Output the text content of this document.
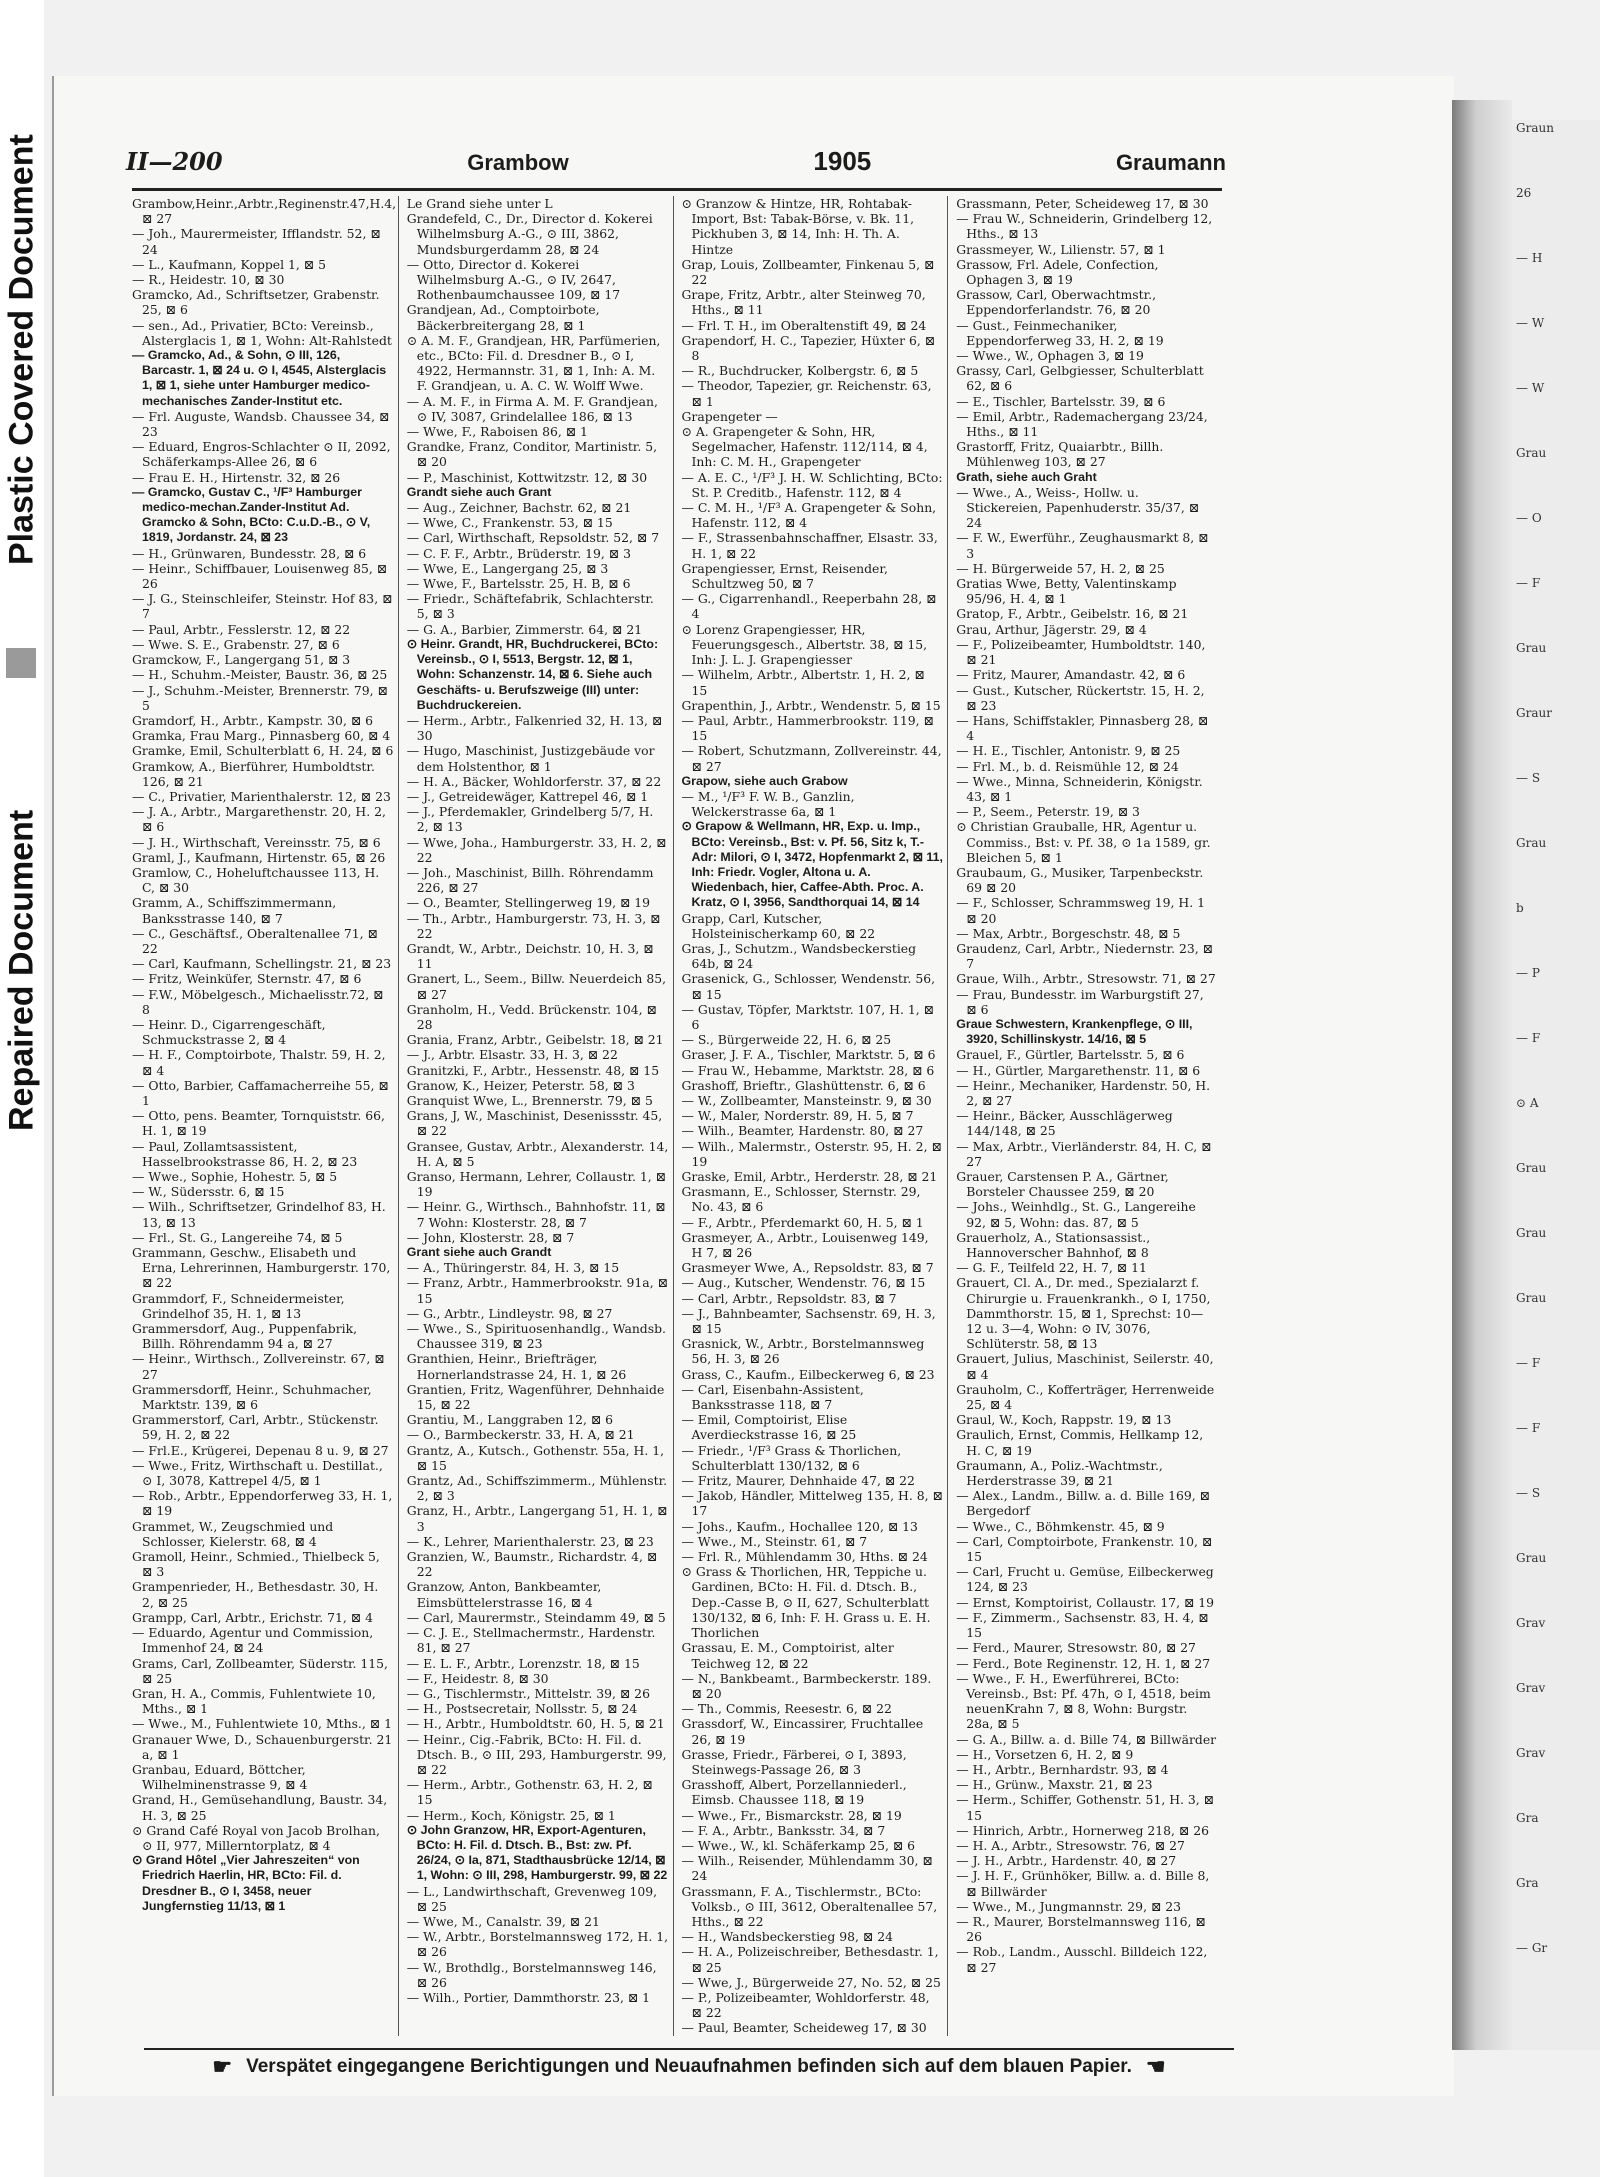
Plastic Covered Document
Repaired Document
II—200	Grambow	1905	Graumann

Grambow,Heinr.,Arbtr.,Reginenstr.47,H.4, ⊠ 27

— Joh., Maurermeister, Ifflandstr. 52, ⊠ 24

— L., Kaufmann, Koppel 1, ⊠ 5

— R., Heidestr. 10, ⊠ 30

Gramcko, Ad., Schriftsetzer, Grabenstr. 25, ⊠ 6

— sen., Ad., Privatier, BCto: Vereinsb., Alsterglacis 1, ⊠ 1, Wohn: Alt-Rahlstedt

— Gramcko, Ad., & Sohn, ⊙ III, 126, Barcastr. 1, ⊠ 24 u. ⊙ I, 4545, Alsterglacis 1, ⊠ 1, siehe unter Hamburger medico-mechanisches Zander-Institut etc.

— Frl. Auguste, Wandsb. Chaussee 34, ⊠ 23

— Eduard, Engros-Schlachter ⊙ II, 2092, Schäferkamps-Allee 26, ⊠ 6

— Frau E. H., Hirtenstr. 32, ⊠ 26

— Gramcko, Gustav C., ¹/F³ Hamburger medico-mechan.Zander-Institut Ad. Gramcko & Sohn, BCto: C.u.D.-B., ⊙ V, 1819, Jordanstr. 24, ⊠ 23

— H., Grünwaren, Bundesstr. 28, ⊠ 6

— Heinr., Schiffbauer, Louisenweg 85, ⊠ 26

— J. G., Steinschleifer, Steinstr. Hof 83, ⊠ 7

— Paul, Arbtr., Fesslerstr. 12, ⊠ 22

— Wwe. S. E., Grabenstr. 27, ⊠ 6

Gramckow, F., Langergang 51, ⊠ 3

— H., Schuhm.-Meister, Baustr. 36, ⊠ 25

— J., Schuhm.-Meister, Brennerstr. 79, ⊠ 5

Gramdorf, H., Arbtr., Kampstr. 30, ⊠ 6

Gramka, Frau Marg., Pinnasberg 60, ⊠ 4

Gramke, Emil, Schulterblatt 6, H. 24, ⊠ 6

Gramkow, A., Bierführer, Humboldtstr. 126, ⊠ 21

— C., Privatier, Marienthalerstr. 12, ⊠ 23

— J. A., Arbtr., Margarethenstr. 20, H. 2, ⊠ 6

— J. H., Wirthschaft, Vereinsstr. 75, ⊠ 6

Graml, J., Kaufmann, Hirtenstr. 65, ⊠ 26

Gramlow, C., Hoheluftchaussee 113, H. C, ⊠ 30

Gramm, A., Schiffszimmermann, Banksstrasse 140, ⊠ 7

— C., Geschäftsf., Oberaltenallee 71, ⊠ 22

— Carl, Kaufmann, Schellingstr. 21, ⊠ 23

— Fritz, Weinküfer, Sternstr. 47, ⊠ 6

— F.W., Möbelgesch., Michaelisstr.72, ⊠ 8

— Heinr. D., Cigarrengeschäft, Schmuckstrasse 2, ⊠ 4

— H. F., Comptoirbote, Thalstr. 59, H. 2, ⊠ 4

— Otto, Barbier, Caffamacherreihe 55, ⊠ 1

— Otto, pens. Beamter, Tornquiststr. 66, H. 1, ⊠ 19

— Paul, Zollamtsassistent, Hasselbrookstrasse 86, H. 2, ⊠ 23

— Wwe., Sophie, Hohestr. 5, ⊠ 5

— W., Südersstr. 6, ⊠ 15

— Wilh., Schriftsetzer, Grindelhof 83, H. 13, ⊠ 13

— Frl., St. G., Langereihe 74, ⊠ 5

Grammann, Geschw., Elisabeth und Erna, Lehrerinnen, Hamburgerstr. 170, ⊠ 22

Grammdorf, F., Schneidermeister, Grindelhof 35, H. 1, ⊠ 13

Grammersdorf, Aug., Puppenfabrik, Billh. Röhrendamm 94 a, ⊠ 27

— Heinr., Wirthsch., Zollvereinstr. 67, ⊠ 27

Grammersdorff, Heinr., Schuhmacher, Marktstr. 139, ⊠ 6

Grammerstorf, Carl, Arbtr., Stückenstr. 59, H. 2, ⊠ 22

— Frl.E., Krügerei, Depenau 8 u. 9, ⊠ 27

— Wwe., Fritz, Wirthschaft u. Destillat., ⊙ I, 3078, Kattrepel 4/5, ⊠ 1

— Rob., Arbtr., Eppendorferweg 33, H. 1, ⊠ 19

Grammet, W., Zeugschmied und Schlosser, Kielerstr. 68, ⊠ 4

Gramoll, Heinr., Schmied., Thielbeck 5, ⊠ 3

Grampenrieder, H., Bethesdastr. 30, H. 2, ⊠ 25

Grampp, Carl, Arbtr., Erichstr. 71, ⊠ 4

— Eduardo, Agentur und Commission, Immenhof 24, ⊠ 24

Grams, Carl, Zollbeamter, Süderstr. 115, ⊠ 25

Gran, H. A., Commis, Fuhlentwiete 10, Mths., ⊠ 1

— Wwe., M., Fuhlentwiete 10, Mths., ⊠ 1

Granauer Wwe, D., Schauenburgerstr. 21 a, ⊠ 1

Granbau, Eduard, Böttcher, Wilhelminenstrasse 9, ⊠ 4

Grand, H., Gemüsehandlung, Baustr. 34, H. 3, ⊠ 25

⊙ Grand Café Royal von Jacob Brolhan, ⊙ II, 977, Millerntorplatz, ⊠ 4

⊙ Grand Hôtel „Vier Jahreszeiten“ von Friedrich Haerlin, HR, BCto: Fil. d. Dresdner B., ⊙ I, 3458, neuer Jungfernstieg 11/13, ⊠ 1

Le Grand siehe unter L

Grandefeld, C., Dr., Director d. Kokerei Wilhelmsburg A.-G., ⊙ III, 3862, Mundsburgerdamm 28, ⊠ 24

— Otto, Director d. Kokerei Wilhelmsburg A.-G., ⊙ IV, 2647, Rothenbaumchaussee 109, ⊠ 17

Grandjean, Ad., Comptoirbote, Bäckerbreitergang 28, ⊠ 1

⊙ A. M. F., Grandjean, HR, Parfümerien, etc., BCto: Fil. d. Dresdner B., ⊙ I, 4922, Hermannstr. 31, ⊠ 1, Inh: A. M. F. Grandjean, u. A. C. W. Wolff Wwe.

— A. M. F., in Firma A. M. F. Grandjean, ⊙ IV, 3087, Grindelallee 186, ⊠ 13

— Wwe, F., Raboisen 86, ⊠ 1

Grandke, Franz, Conditor, Martinistr. 5, ⊠ 20

— P., Maschinist, Kottwitzstr. 12, ⊠ 30

Grandt siehe auch Grant

— Aug., Zeichner, Bachstr. 62, ⊠ 21

— Wwe, C., Frankenstr. 53, ⊠ 15

— Carl, Wirthschaft, Repsoldstr. 52, ⊠ 7

— C. F. F., Arbtr., Brüderstr. 19, ⊠ 3

— Wwe, E., Langergang 25, ⊠ 3

— Wwe, F., Bartelsstr. 25, H. B, ⊠ 6

— Friedr., Schäftefabrik, Schlachterstr. 5, ⊠ 3

— G. A., Barbier, Zimmerstr. 64, ⊠ 21

⊙ Heinr. Grandt, HR, Buchdruckerei, BCto: Vereinsb., ⊙ I, 5513, Bergstr. 12, ⊠ 1, Wohn: Schanzenstr. 14, ⊠ 6. Siehe auch Geschäfts- u. Berufszweige (III) unter: Buchdruckereien.

— Herm., Arbtr., Falkenried 32, H. 13, ⊠ 30

— Hugo, Maschinist, Justizgebäude vor dem Holstenthor, ⊠ 1

— H. A., Bäcker, Wohldorferstr. 37, ⊠ 22

— J., Getreidewäger, Kattrepel 46, ⊠ 1

— J., Pferdemakler, Grindelberg 5/7, H. 2, ⊠ 13

— Wwe, Joha., Hamburgerstr. 33, H. 2, ⊠ 22

— Joh., Maschinist, Billh. Röhrendamm 226, ⊠ 27

— O., Beamter, Stellingerweg 19, ⊠ 19

— Th., Arbtr., Hamburgerstr. 73, H. 3, ⊠ 22

Grandt, W., Arbtr., Deichstr. 10, H. 3, ⊠ 11

Granert, L., Seem., Billw. Neuerdeich 85, ⊠ 27

Granholm, H., Vedd. Brückenstr. 104, ⊠ 28

Grania, Franz, Arbtr., Geibelstr. 18, ⊠ 21

— J., Arbtr. Elsastr. 33, H. 3, ⊠ 22

Granitzki, F., Arbtr., Hessenstr. 48, ⊠ 15

Granow, K., Heizer, Peterstr. 58, ⊠ 3

Granquist Wwe, L., Brennerstr. 79, ⊠ 5

Grans, J, W., Maschinist, Desenissstr. 45, ⊠ 22

Gransee, Gustav, Arbtr., Alexanderstr. 14, H. A, ⊠ 5

Granso, Hermann, Lehrer, Collaustr. 1, ⊠ 19

— Heinr. G., Wirthsch., Bahnhofstr. 11, ⊠ 7 Wohn: Klosterstr. 28, ⊠ 7

— John, Klosterstr. 28, ⊠ 7

Grant siehe auch Grandt

— A., Thüringerstr. 84, H. 3, ⊠ 15

— Franz, Arbtr., Hammerbrookstr. 91a, ⊠ 15

— G., Arbtr., Lindleystr. 98, ⊠ 27

— Wwe., S., Spirituosenhandlg., Wandsb. Chaussee 319, ⊠ 23

Granthien, Heinr., Briefträger, Hornerlandstrasse 24, H. 1, ⊠ 26

Grantien, Fritz, Wagenführer, Dehnhaide 15, ⊠ 22

Grantiu, M., Langgraben 12, ⊠ 6

— O., Barmbeckerstr. 33, H. A, ⊠ 21

Grantz, A., Kutsch., Gothenstr. 55a, H. 1, ⊠ 15

Grantz, Ad., Schiffszimmerm., Mühlenstr. 2, ⊠ 3

Granz, H., Arbtr., Langergang 51, H. 1, ⊠ 3

— K., Lehrer, Marienthalerstr. 23, ⊠ 23

Granzien, W., Baumstr., Richardstr. 4, ⊠ 22

Granzow, Anton, Bankbeamter, Eimsbüttelerstrasse 16, ⊠ 4

— Carl, Maurermstr., Steindamm 49, ⊠ 5

— C. J. E., Stellmachermstr., Hardenstr. 81, ⊠ 27

— E. L. F., Arbtr., Lorenzstr. 18, ⊠ 15

— F., Heidestr. 8, ⊠ 30

— G., Tischlermstr., Mittelstr. 39, ⊠ 26

— H., Postsecretair, Nollsstr. 5, ⊠ 24

— H., Arbtr., Humboldtstr. 60, H. 5, ⊠ 21

— Heinr., Cig.-Fabrik, BCto: H. Fil. d. Dtsch. B., ⊙ III, 293, Hamburgerstr. 99, ⊠ 22

— Herm., Arbtr., Gothenstr. 63, H. 2, ⊠ 15

— Herm., Koch, Königstr. 25, ⊠ 1

⊙ John Granzow, HR, Export-Agenturen, BCto: H. Fil. d. Dtsch. B., Bst: zw. Pf. 26/24, ⊙ Ia, 871, Stadthausbrücke 12/14, ⊠ 1, Wohn: ⊙ III, 298, Hamburgerstr. 99, ⊠ 22

— L., Landwirthschaft, Grevenweg 109, ⊠ 25

— Wwe, M., Canalstr. 39, ⊠ 21

— W., Arbtr., Borstelmannsweg 172, H. 1, ⊠ 26

— W., Brothdlg., Borstelmannsweg 146, ⊠ 26

— Wilh., Portier, Dammthorstr. 23, ⊠ 1

⊙ Granzow & Hintze, HR, Rohtabak-Import, Bst: Tabak-Börse, v. Bk. 11, Pickhuben 3, ⊠ 14, Inh: H. Th. A. Hintze

Grap, Louis, Zollbeamter, Finkenau 5, ⊠ 22

Grape, Fritz, Arbtr., alter Steinweg 70, Hths., ⊠ 11

— Frl. T. H., im Oberaltenstift 49, ⊠ 24

Grapendorf, H. C., Tapezier, Hüxter 6, ⊠ 8

— R., Buchdrucker, Kolbergstr. 6, ⊠ 5

— Theodor, Tapezier, gr. Reichenstr. 63, ⊠ 1

Grapengeter —

⊙ A. Grapengeter & Sohn, HR, Segelmacher, Hafenstr. 112/114, ⊠ 4, Inh: C. M. H., Grapengeter

— A. E. C., ¹/F³ J. H. W. Schlichting, BCto: St. P. Creditb., Hafenstr. 112, ⊠ 4

— C. M. H., ¹/F³ A. Grapengeter & Sohn, Hafenstr. 112, ⊠ 4

— F., Strassenbahnschaffner, Elsastr. 33, H. 1, ⊠ 22

Grapengiesser, Ernst, Reisender, Schultzweg 50, ⊠ 7

— G., Cigarrenhandl., Reeperbahn 28, ⊠ 4

⊙ Lorenz Grapengiesser, HR, Feuerungsgesch., Albertstr. 38, ⊠ 15, Inh: J. L. J. Grapengiesser

— Wilhelm, Arbtr., Albertstr. 1, H. 2, ⊠ 15

Grapenthin, J., Arbtr., Wendenstr. 5, ⊠ 15

— Paul, Arbtr., Hammerbrookstr. 119, ⊠ 15

— Robert, Schutzmann, Zollvereinstr. 44, ⊠ 27

Grapow, siehe auch Grabow

— M., ¹/F³ F. W. B., Ganzlin, Welckerstrasse 6a, ⊠ 1

⊙ Grapow & Wellmann, HR, Exp. u. Imp., BCto: Vereinsb., Bst: v. Pf. 56, Sitz k, T.-Adr: Milori, ⊙ I, 3472, Hopfenmarkt 2, ⊠ 11, Inh: Friedr. Vogler, Altona u. A. Wiedenbach, hier, Caffee-Abth. Proc. A. Kratz, ⊙ I, 3956, Sandthorquai 14, ⊠ 14

Grapp, Carl, Kutscher, Holsteinischerkamp 60, ⊠ 22

Gras, J., Schutzm., Wandsbeckerstieg 64b, ⊠ 24

Grasenick, G., Schlosser, Wendenstr. 56, ⊠ 15

— Gustav, Töpfer, Marktstr. 107, H. 1, ⊠ 6

— S., Bürgerweide 22, H. 6, ⊠ 25

Graser, J. F. A., Tischler, Marktstr. 5, ⊠ 6

— Frau W., Hebamme, Marktstr. 28, ⊠ 6

Grashoff, Brieftr., Glashüttenstr. 6, ⊠ 6

— W., Zollbeamter, Mansteinstr. 9, ⊠ 30

— W., Maler, Norderstr. 89, H. 5, ⊠ 7

— Wilh., Beamter, Hardenstr. 80, ⊠ 27

— Wilh., Malermstr., Osterstr. 95, H. 2, ⊠ 19

Graske, Emil, Arbtr., Herderstr. 28, ⊠ 21

Grasmann, E., Schlosser, Sternstr. 29, No. 43, ⊠ 6

— F., Arbtr., Pferdemarkt 60, H. 5, ⊠ 1

Grasmeyer, A., Arbtr., Louisenweg 149, H 7, ⊠ 26

Grasmeyer Wwe, A., Repsoldstr. 83, ⊠ 7

— Aug., Kutscher, Wendenstr. 76, ⊠ 15

— Carl, Arbtr., Repsoldstr. 83, ⊠ 7

— J., Bahnbeamter, Sachsenstr. 69, H. 3, ⊠ 15

Grasnick, W., Arbtr., Borstelmannsweg 56, H. 3, ⊠ 26

Grass, C., Kaufm., Eilbeckerweg 6, ⊠ 23

— Carl, Eisenbahn-Assistent, Banksstrasse 118, ⊠ 7

— Emil, Comptoirist, Elise Averdieckstrasse 16, ⊠ 25

— Friedr., ¹/F³ Grass & Thorlichen, Schulterblatt 130/132, ⊠ 6

— Fritz, Maurer, Dehnhaide 47, ⊠ 22

— Jakob, Händler, Mittelweg 135, H. 8, ⊠ 17

— Johs., Kaufm., Hochallee 120, ⊠ 13

— Wwe., M., Steinstr. 61, ⊠ 7

— Frl. R., Mühlendamm 30, Hths. ⊠ 24

⊙ Grass & Thorlichen, HR, Teppiche u. Gardinen, BCto: H. Fil. d. Dtsch. B., Dep.-Casse B, ⊙ II, 627, Schulterblatt 130/132, ⊠ 6, Inh: F. H. Grass u. E. H. Thorlichen

Grassau, E. M., Comptoirist, alter Teichweg 12, ⊠ 22

— N., Bankbeamt., Barmbeckerstr. 189. ⊠ 20

— Th., Commis, Reesestr. 6, ⊠ 22

Grassdorf, W., Eincassirer, Fruchtallee 26, ⊠ 19

Grasse, Friedr., Färberei, ⊙ I, 3893, Steinwegs-Passage 26, ⊠ 3

Grasshoff, Albert, Porzellanniederl., Eimsb. Chaussee 118, ⊠ 19

— Wwe., Fr., Bismarckstr. 28, ⊠ 19

— F. A., Arbtr., Banksstr. 34, ⊠ 7

— Wwe., W., kl. Schäferkamp 25, ⊠ 6

— Wilh., Reisender, Mühlendamm 30, ⊠ 24

Grassmann, F. A., Tischlermstr., BCto: Volksb., ⊙ III, 3612, Oberaltenallee 57, Hths., ⊠ 22

— H., Wandsbeckerstieg 98, ⊠ 24

— H. A., Polizeischreiber, Bethesdastr. 1, ⊠ 25

— Wwe, J., Bürgerweide 27, No. 52, ⊠ 25

— P., Polizeibeamter, Wohldorferstr. 48, ⊠ 22

— Paul, Beamter, Scheideweg 17, ⊠ 30

Grassmann, Peter, Scheideweg 17, ⊠ 30

— Frau W., Schneiderin, Grindelberg 12, Hths., ⊠ 13

Grassmeyer, W., Lilienstr. 57, ⊠ 1

Grassow, Frl. Adele, Confection, Ophagen 3, ⊠ 19

Grassow, Carl, Oberwachtmstr., Eppendorferlandstr. 76, ⊠ 20

— Gust., Feinmechaniker, Eppendorferweg 33, H. 2, ⊠ 19

— Wwe., W., Ophagen 3, ⊠ 19

Grassy, Carl, Gelbgiesser, Schulterblatt 62, ⊠ 6

— E., Tischler, Bartelsstr. 39, ⊠ 6

— Emil, Arbtr., Rademachergang 23/24, Hths., ⊠ 11

Grastorff, Fritz, Quaiarbtr., Billh. Mühlenweg 103, ⊠ 27

Grath, siehe auch Graht

— Wwe., A., Weiss-, Hollw. u. Stickereien, Papenhuderstr. 35/37, ⊠ 24

— F. W., Ewerführ., Zeughausmarkt 8, ⊠ 3

— H. Bürgerweide 57, H. 2, ⊠ 25

Gratias Wwe, Betty, Valentinskamp 95/96, H. 4, ⊠ 1

Gratop, F., Arbtr., Geibelstr. 16, ⊠ 21

Grau, Arthur, Jägerstr. 29, ⊠ 4

— F., Polizeibeamter, Humboldtstr. 140, ⊠ 21

— Fritz, Maurer, Amandastr. 42, ⊠ 6

— Gust., Kutscher, Rückertstr. 15, H. 2, ⊠ 23

— Hans, Schiffstakler, Pinnasberg 28, ⊠ 4

— H. E., Tischler, Antonistr. 9, ⊠ 25

— Frl. M., b. d. Reismühle 12, ⊠ 24

— Wwe., Minna, Schneiderin, Königstr. 43, ⊠ 1

— P., Seem., Peterstr. 19, ⊠ 3

⊙ Christian Grauballe, HR, Agentur u. Commiss., Bst: v. Pf. 38, ⊙ 1a 1589, gr. Bleichen 5, ⊠ 1

Graubaum, G., Musiker, Tarpenbeckstr. 69 ⊠ 20

— F., Schlosser, Schrammsweg 19, H. 1 ⊠ 20

— Max, Arbtr., Borgeschstr. 48, ⊠ 5

Graudenz, Carl, Arbtr., Niedernstr. 23, ⊠ 7

Graue, Wilh., Arbtr., Stresowstr. 71, ⊠ 27

— Frau, Bundesstr. im Warburgstift 27, ⊠ 6

Graue Schwestern, Krankenpflege, ⊙ III, 3920, Schillinskystr. 14/16, ⊠ 5

Grauel, F., Gürtler, Bartelsstr. 5, ⊠ 6

— H., Gürtler, Margarethenstr. 11, ⊠ 6

— Heinr., Mechaniker, Hardenstr. 50, H. 2, ⊠ 27

— Heinr., Bäcker, Ausschlägerweg 144/148, ⊠ 25

— Max, Arbtr., Vierländerstr. 84, H. C, ⊠ 27

Grauer, Carstensen P. A., Gärtner, Borsteler Chaussee 259, ⊠ 20

— Johs., Weinhdlg., St. G., Langereihe 92, ⊠ 5, Wohn: das. 87, ⊠ 5

Grauerholz, A., Stationsassist., Hannoverscher Bahnhof, ⊠ 8

— G. F., Teilfeld 22, H. 7, ⊠ 11

Grauert, Cl. A., Dr. med., Spezialarzt f. Chirurgie u. Frauenkrankh., ⊙ I, 1750, Dammthorstr. 15, ⊠ 1, Sprechst: 10—12 u. 3—4, Wohn: ⊙ IV, 3076, Schlüterstr. 58, ⊠ 13

Grauert, Julius, Maschinist, Seilerstr. 40, ⊠ 4

Grauholm, C., Kofferträger, Herrenweide 25, ⊠ 4

Graul, W., Koch, Rappstr. 19, ⊠ 13

Graulich, Ernst, Commis, Hellkamp 12, H. C, ⊠ 19

Graumann, A., Poliz.-Wachtmstr., Herderstrasse 39, ⊠ 21

— Alex., Landm., Billw. a. d. Bille 169, ⊠ Bergedorf

— Wwe., C., Böhmkenstr. 45, ⊠ 9

— Carl, Comptoirbote, Frankenstr. 10, ⊠ 15

— Carl, Frucht u. Gemüse, Eilbeckerweg 124, ⊠ 23

— Ernst, Komptoirist, Collaustr. 17, ⊠ 19

— F., Zimmerm., Sachsenstr. 83, H. 4, ⊠ 15

— Ferd., Maurer, Stresowstr. 80, ⊠ 27

— Ferd., Bote Reginenstr. 12, H. 1, ⊠ 27

— Wwe., F. H., Ewerführerei, BCto: Vereinsb., Bst: Pf. 47h, ⊙ I, 4518, beim neuenKrahn 7, ⊠ 8, Wohn: Burgstr. 28a, ⊠ 5

— G. A., Billw. a. d. Bille 74, ⊠ Billwärder

— H., Vorsetzen 6, H. 2, ⊠ 9

— H., Arbtr., Bernhardstr. 93, ⊠ 4

— H., Grünw., Maxstr. 21, ⊠ 23

— Herm., Schiffer, Gothenstr. 51, H. 3, ⊠ 15

— Hinrich, Arbtr., Hornerweg 218, ⊠ 26

— H. A., Arbtr., Stresowstr. 76, ⊠ 27

— J. H., Arbtr., Hardenstr. 40, ⊠ 27

— J. H. F., Grünhöker, Billw. a. d. Bille 8, ⊠ Billwärder

— Wwe., M., Jungmannstr. 29, ⊠ 23

— R., Maurer, Borstelmannsweg 116, ⊠ 26

— Rob., Landm., Ausschl. Billdeich 122, ⊠ 27

☛ Verspätet eingegangene Berichtigungen und Neuaufnahmen befinden sich auf dem blauen Papier. ☚
Graun
26
— H
— W
— W
Grau
— O
— F
Grau
Graur
— S
Grau
b
— P
— F
⊙ A
Grau
Grau
Grau
— F
— F
— S
Grau
Grav
Grav
Grav
Gra
Gra
— Gr
